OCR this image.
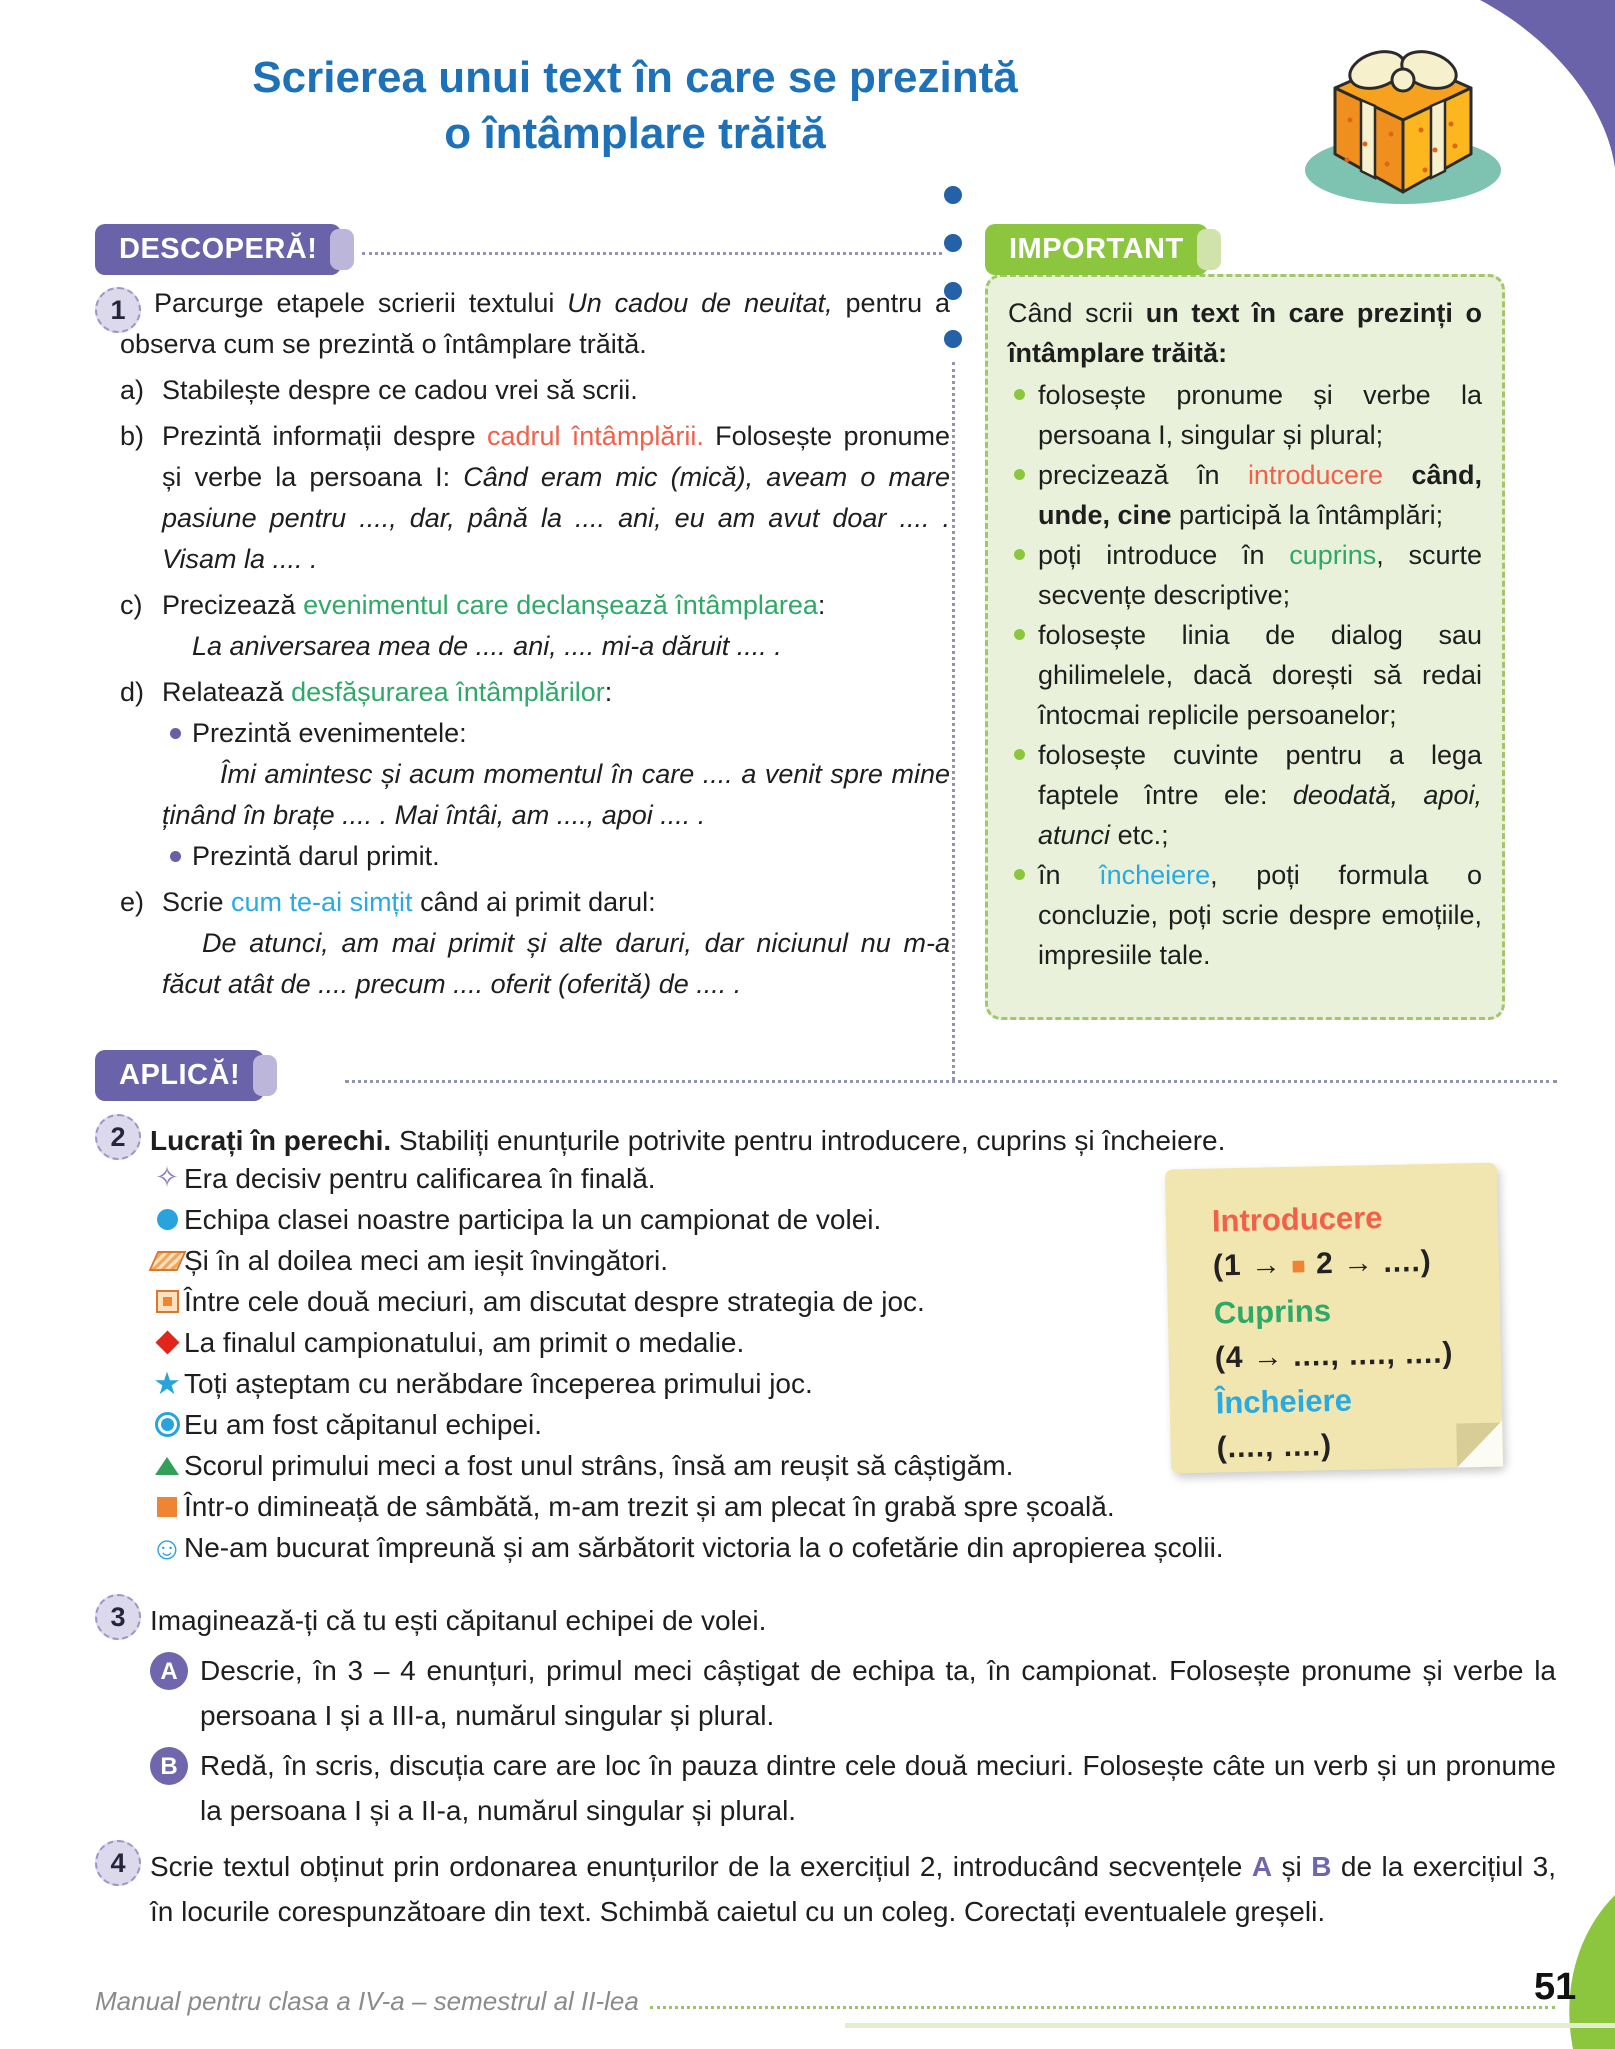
Scrierea unui text în care se prezintă
o întâmplare trăită
DESCOPERĂ!	IMPORTANT
APLICĂ!
Când scrii un text în care prezinți o întâmplare trăită:
folosește pronume și verbe la persoana I, singular și plural;
precizează în introducere când, unde, cine participă la întâmplări;
poți introduce în cuprins, scurte secvențe descriptive;
folosește linia de dialog sau ghilimelele, dacă dorești să redai întocmai replicile persoanelor;
folosește cuvinte pentru a lega faptele între ele: deodată, apoi, atunci etc.;
în încheiere, poți formula o concluzie, poți scrie despre emoțiile, impresiile tale.
1	Parcurge etapele scrierii textului Un cadou de neuitat, pentru a observa cum se prezintă o întâmplare trăită.
a) Stabilește despre ce cadou vrei să scrii.
b) Prezintă informații despre cadrul întâmplării. Folosește pronume și verbe la persoana I: Când eram mic (mică), aveam o mare pasiune pentru ...., dar, până la .... ani, eu am avut doar .... . Visam la .... .
c) Precizează evenimentul care declanșează întâmplarea:
La aniversarea mea de .... ani, .... mi-a dăruit .... .
d) Relatează desfășurarea întâmplărilor:
Prezintă evenimentele:
Îmi amintesc și acum momentul în care .... a venit spre mine ținând în brațe .... . Mai întâi, am ...., apoi .... .
Prezintă darul primit.
e) Scrie cum te-ai simțit când ai primit darul:
De atunci, am mai primit și alte daruri, dar niciunul nu m-a făcut atât de .... precum .... oferit (oferită) de .... .
2 Lucrați în perechi. Stabiliți enunțurile potrivite pentru introducere, cuprins și încheiere.
✧
Era decisiv pentru calificarea în finală.
Echipa clasei noastre participa la un campionat de volei.
Și în al doilea meci am ieșit învingători.
Între cele două meciuri, am discutat despre strategia de joc.
La finalul campionatului, am primit o medalie.
★
Toți așteptam cu nerăbdare începerea primului joc.
Eu am fost căpitanul echipei.
Scorul primului meci a fost unul strâns, însă am reușit să câștigăm.
Într-o dimineață de sâmbătă, m-am trezit și am plecat în grabă spre școală.
☺
Ne-am bucurat împreună și am sărbătorit victoria la o cofetărie din apropierea școlii.
Introducere
(1 → ■ 2 → ....)
Cuprins
(4 → ...., ...., ....)
Încheiere
(...., ....)
3 Imaginează-ți că tu ești căpitanul echipei de volei.
A Descrie, în 3 – 4 enunțuri, primul meci câștigat de echipa ta, în campionat. Folosește pronume și verbe la persoana I și a III-a, numărul singular și plural.
B Redă, în scris, discuția care are loc în pauza dintre cele două meciuri. Folosește câte un verb și un pronume la persoana I și a II-a, numărul singular și plural.
4 Scrie textul obținut prin ordonarea enunțurilor de la exercițiul 2, introducând secvențele A și B de la exercițiul 3, în locurile corespunzătoare din text. Schimbă caietul cu un coleg. Corectați eventualele greșeli.
Manual pentru clasa a IV-a – semestrul al II-lea	51
